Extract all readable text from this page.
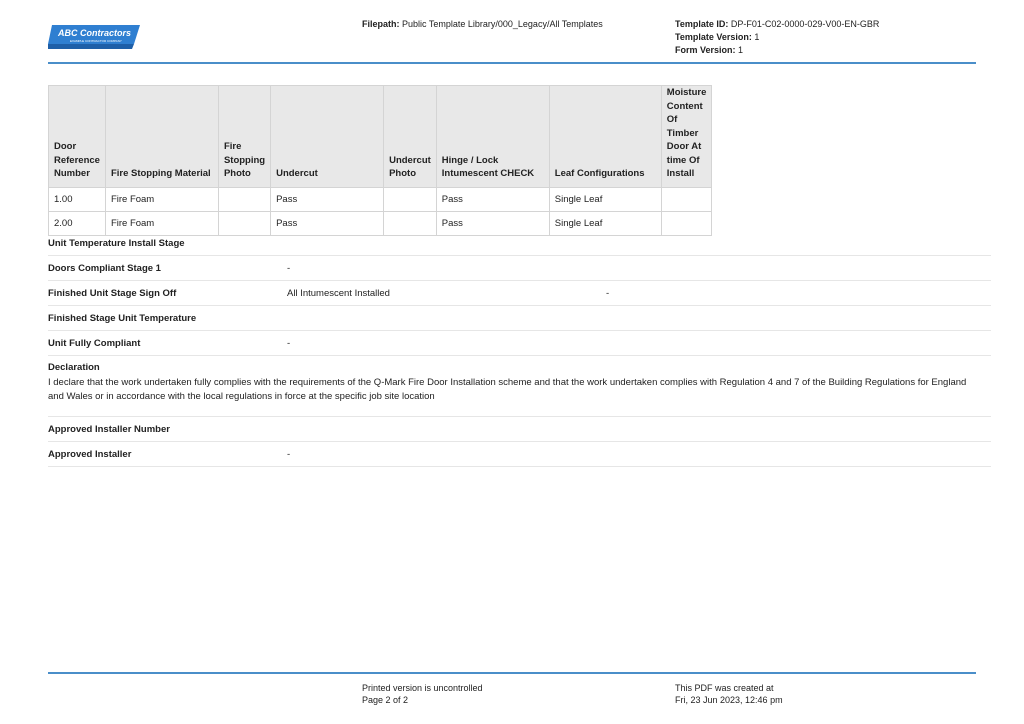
ABC Contractors
EXAMPLE CONTRACTOR COMPANY
Filepath: Public Template Library/000_Legacy/All Templates	Template ID: DP-F01-C02-0000-029-V00-EN-GBR
Template Version: 1
Form Version: 1
Door Reference Number	Fire Stopping Material	Fire Stopping Photo	Undercut	Undercut Photo	Hinge / Lock Intumescent CHECK	Leaf Configurations	Moisture Content Of Timber Door At time Of Install
1.00	Fire Foam		Pass		Pass	Single Leaf	
2.00	Fire Foam		Pass		Pass	Single Leaf	
Unit Temperature Install Stage
Doors Compliant Stage 1	-
Finished Unit Stage Sign Off	All Intumescent Installed	-
Finished Stage Unit Temperature
Unit Fully Compliant	-
Declaration
I declare that the work undertaken fully complies with the requirements of the Q-Mark Fire Door Installation scheme and that the work undertaken complies with Regulation 4 and 7 of the Building Regulations for England and Wales or in accordance with the local regulations in force at the specific job site location
Approved Installer Number
Approved Installer	-
Printed version is uncontrolled
Page 2 of 2
This PDF was created at
Fri, 23 Jun 2023, 12:46 pm
